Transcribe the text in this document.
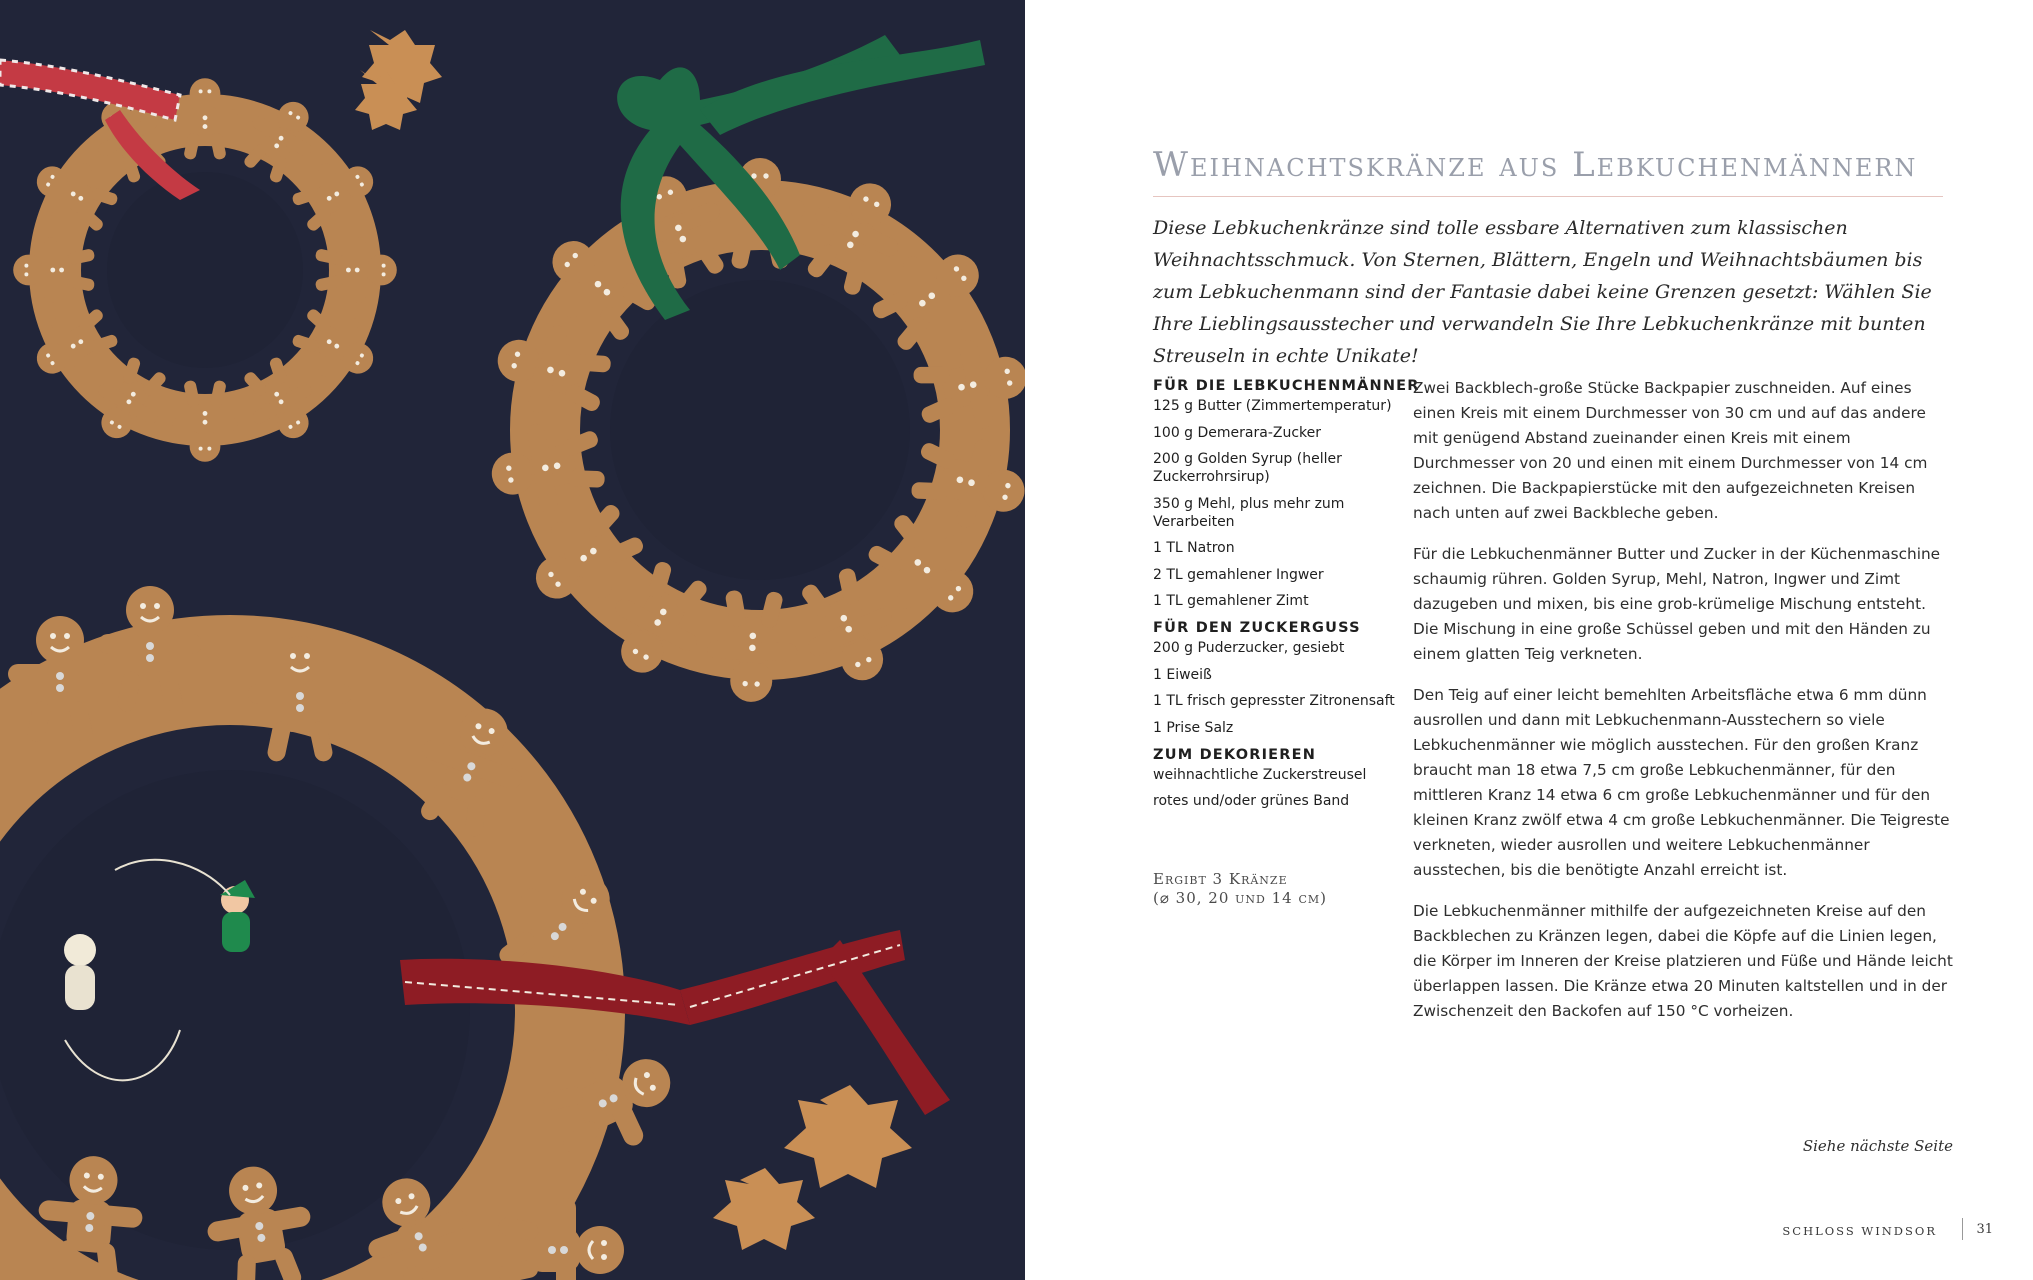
Weihnachtskränze aus Lebkuchenmännern
Diese Lebkuchenkränze sind tolle essbare Alternativen zum klassischen Weihnachtsschmuck. Von Sternen, Blättern, Engeln und Weihnachtsbäumen bis zum Lebkuchenmann sind der Fantasie dabei keine Grenzen gesetzt: Wählen Sie Ihre Lieblingsausstecher und verwandeln Sie Ihre Lebkuchenkränze mit bunten Streuseln in echte Unikate!
FÜR DIE LEBKUCHENMÄNNER
125 g Butter (Zimmertemperatur)
100 g Demerara-Zucker
200 g Golden Syrup (heller Zuckerrohrsirup)
350 g Mehl, plus mehr zum Verarbeiten
1 TL Natron
2 TL gemahlener Ingwer
1 TL gemahlener Zimt
FÜR DEN ZUCKERGUSS
200 g Puderzucker, gesiebt
1 Eiweiß
1 TL frisch gepresster Zitronensaft
1 Prise Salz
ZUM DEKORIEREN
weihnachtliche Zuckerstreusel
rotes und/oder grünes Band
Ergibt 3 Kränze
(⌀ 30, 20 und 14 cm)

Zwei Backblech-große Stücke Backpapier zuschneiden. Auf eines einen Kreis mit einem Durchmesser von 30 cm und auf das andere mit genügend Abstand zueinander einen Kreis mit einem Durchmesser von 20 und einen mit einem Durchmesser von 14 cm zeichnen. Die Backpapierstücke mit den aufgezeichneten Kreisen nach unten auf zwei Backbleche geben.

Für die Lebkuchenmänner Butter und Zucker in der Küchenmaschine schaumig rühren. Golden Syrup, Mehl, Natron, Ingwer und Zimt dazugeben und mixen, bis eine grob-krümelige Mischung entsteht. Die Mischung in eine große Schüssel geben und mit den Händen zu einem glatten Teig verkneten.

Den Teig auf einer leicht bemehlten Arbeitsfläche etwa 6 mm dünn ausrollen und dann mit Lebkuchenmann-Ausstechern so viele Lebkuchenmänner wie möglich ausstechen. Für den großen Kranz braucht man 18 etwa 7,5 cm große Lebkuchenmänner, für den mittleren Kranz 14 etwa 6 cm große Lebkuchenmänner und für den kleinen Kranz zwölf etwa 4 cm große Lebkuchenmänner. Die Teigreste verkneten, wieder ausrollen und weitere Lebkuchenmänner ausstechen, bis die benötigte Anzahl erreicht ist.

Die Lebkuchenmänner mithilfe der aufgezeichneten Kreise auf den Backblechen zu Kränzen legen, dabei die Köpfe auf die Linien legen, die Körper im Inneren der Kreise platzieren und Füße und Hände leicht überlappen lassen. Die Kränze etwa 20 Minuten kaltstellen und in der Zwischenzeit den Backofen auf 150 °C vorheizen.

Siehe nächste Seite
SCHLOSS WINDSOR	31
